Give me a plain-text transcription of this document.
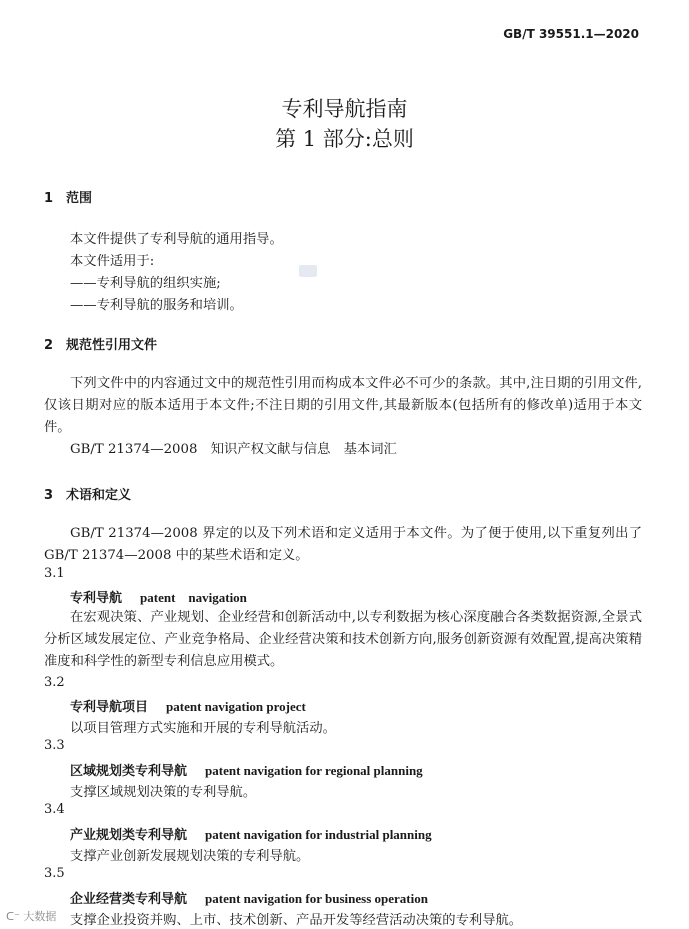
GB/T 39551.1—2020
专利导航指南
第 1 部分:总则
1　范围
本文件提供了专利导航的通用指导。
本文件适用于:
——专利导航的组织实施;
——专利导航的服务和培训。
2　规范性引用文件
下列文件中的内容通过文中的规范性引用而构成本文件必不可少的条款。其中,注日期的引用文件,仅该日期对应的版本适用于本文件;不注日期的引用文件,其最新版本(包括所有的修改单)适用于本文件。
GB/T 21374—2008　知识产权文献与信息　基本词汇
3　术语和定义
GB/T 21374—2008 界定的以及下列术语和定义适用于本文件。为了便于使用,以下重复列出了GB/T 21374—2008 中的某些术语和定义。
3.1
专利导航 patent　navigation
在宏观决策、产业规划、企业经营和创新活动中,以专利数据为核心深度融合各类数据资源,全景式分析区域发展定位、产业竞争格局、企业经营决策和技术创新方向,服务创新资源有效配置,提高决策精准度和科学性的新型专利信息应用模式。
3.2
专利导航项目 patent navigation project
以项目管理方式实施和开展的专利导航活动。
3.3
区域规划类专利导航 patent navigation for regional planning
支撑区域规划决策的专利导航。
3.4
产业规划类专利导航 patent navigation for industrial planning
支撑产业创新发展规划决策的专利导航。
3.5
企业经营类专利导航 patent navigation for business operation
支撑企业投资并购、上市、技术创新、产品开发等经营活动决策的专利导航。
ᑕ⁻ 大数据
